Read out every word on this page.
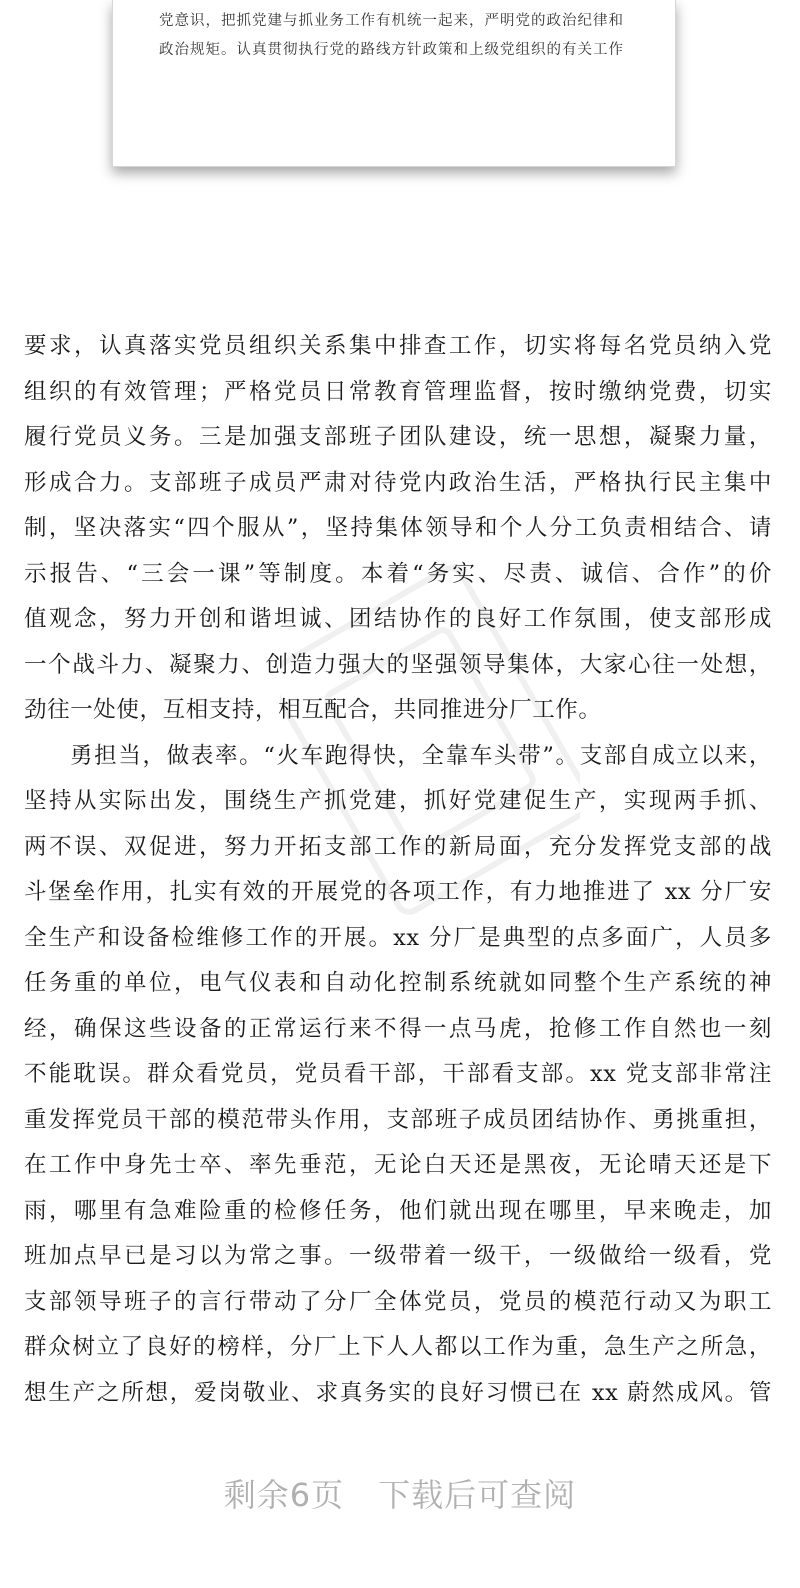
党意识，把抓党建与抓业务工作有机统一起来，严明党的政治纪律和
政治规矩。认真贯彻执行党的路线方针政策和上级党组织的有关工作
要求，认真落实党员组织关系集中排查工作，切实将每名党员纳入党
组织的有效管理；严格党员日常教育管理监督，按时缴纳党费，切实
履行党员义务。三是加强支部班子团队建设，统一思想，凝聚力量，
形成合力。支部班子成员严肃对待党内政治生活，严格执行民主集中
制，坚决落实“四个服从”，坚持集体领导和个人分工负责相结合、请
示报告、“三会一课”等制度。本着“务实、尽责、诚信、合作”的价
值观念，努力开创和谐坦诚、团结协作的良好工作氛围，使支部形成
一个战斗力、凝聚力、创造力强大的坚强领导集体，大家心往一处想，
劲往一处使，互相支持，相互配合，共同推进分厂工作。
勇担当，做表率。“火车跑得快，全靠车头带”。支部自成立以来，
坚持从实际出发，围绕生产抓党建，抓好党建促生产，实现两手抓、
两不误、双促进，努力开拓支部工作的新局面，充分发挥党支部的战
斗堡垒作用，扎实有效的开展党的各项工作，有力地推进了 xx 分厂安
全生产和设备检维修工作的开展。xx 分厂是典型的点多面广，人员多
任务重的单位，电气仪表和自动化控制系统就如同整个生产系统的神
经，确保这些设备的正常运行来不得一点马虎，抢修工作自然也一刻
不能耽误。群众看党员，党员看干部，干部看支部。xx 党支部非常注
重发挥党员干部的模范带头作用，支部班子成员团结协作、勇挑重担，
在工作中身先士卒、率先垂范，无论白天还是黑夜，无论晴天还是下
雨，哪里有急难险重的检修任务，他们就出现在哪里，早来晚走，加
班加点早已是习以为常之事。一级带着一级干，一级做给一级看，党
支部领导班子的言行带动了分厂全体党员，党员的模范行动又为职工
群众树立了良好的榜样，分厂上下人人都以工作为重，急生产之所急，
想生产之所想，爱岗敬业、求真务实的良好习惯已在 xx 蔚然成风。管
剩余6页 下载后可查阅
